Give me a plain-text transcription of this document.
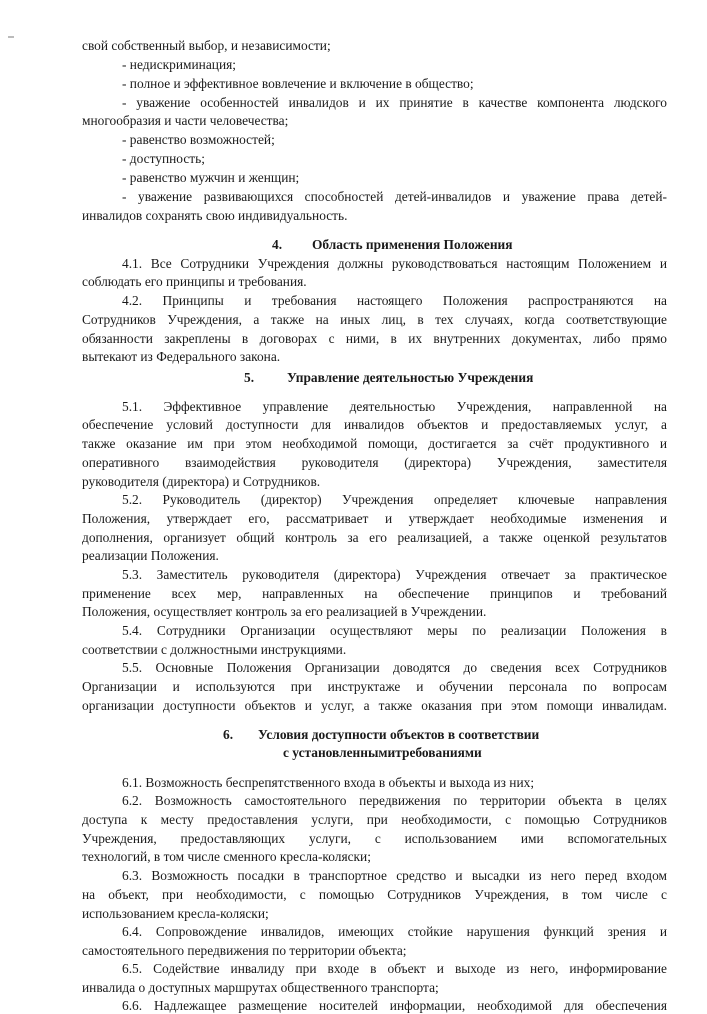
свой собственный выбор, и независимости;
- недискриминация;
- полное и эффективное вовлечение и включение в общество;
- уважение особенностей инвалидов и их принятие в качестве компонента людского
многообразия и части человечества;
- равенство возможностей;
- доступность;
- равенство мужчин и женщин;
- уважение развивающихся способностей детей-инвалидов и уважение права детей-
инвалидов сохранять свою индивидуальность.
4. Область применения Положения
4.1. Все Сотрудники Учреждения должны руководствоваться настоящим Положением и
соблюдать его принципы и требования.
4.2. Принципы и требования настоящего Положения распространяются на
Сотрудников Учреждения, а также на иных лиц, в тех случаях, когда соответствующие
обязанности закреплены в договорах с ними, в их внутренних документах, либо прямо
вытекают из Федерального закона.
5. Управление деятельностью Учреждения
5.1. Эффективное управление деятельностью Учреждения, направленной на
обеспечение условий доступности для инвалидов объектов и предоставляемых услуг, а
также оказание им при этом необходимой помощи, достигается за счёт продуктивного и
оперативного взаимодействия руководителя (директора) Учреждения, заместителя
руководителя (директора) и Сотрудников.
5.2. Руководитель (директор) Учреждения определяет ключевые направления
Положения, утверждает его, рассматривает и утверждает необходимые изменения и
дополнения, организует общий контроль за его реализацией, а также оценкой результатов
реализации Положения.
5.3. Заместитель руководителя (директора) Учреждения отвечает за практическое
применение всех мер, направленных на обеспечение принципов и требований
Положения, осуществляет контроль за его реализацией в Учреждении.
5.4. Сотрудники Организации осуществляют меры по реализации Положения в
соответствии с должностными инструкциями.
5.5. Основные Положения Организации доводятся до сведения всех Сотрудников
Организации и используются при инструктаже и обучении персонала по вопросам
организации доступности объектов и услуг, а также оказания при этом помощи инвалидам.
6. Условия доступности объектов в соответствии
с установленнымитребованиями
6.1. Возможность беспрепятственного входа в объекты и выхода из них;
6.2. Возможность самостоятельного передвижения по территории объекта в целях
доступа к месту предоставления услуги, при необходимости, с помощью Сотрудников
Учреждения, предоставляющих услуги, с использованием ими вспомогательных
технологий, в том числе сменного кресла-коляски;
6.3. Возможность посадки в транспортное средство и высадки из него перед входом
на объект, при необходимости, с помощью Сотрудников Учреждения, в том числе с
использованием кресла-коляски;
6.4. Сопровождение инвалидов, имеющих стойкие нарушения функций зрения и
самостоятельного передвижения по территории объекта;
6.5. Содействие инвалиду при входе в объект и выходе из него, информирование
инвалида о доступных маршрутах общественного транспорта;
6.6. Надлежащее размещение носителей информации, необходимой для обеспечения
